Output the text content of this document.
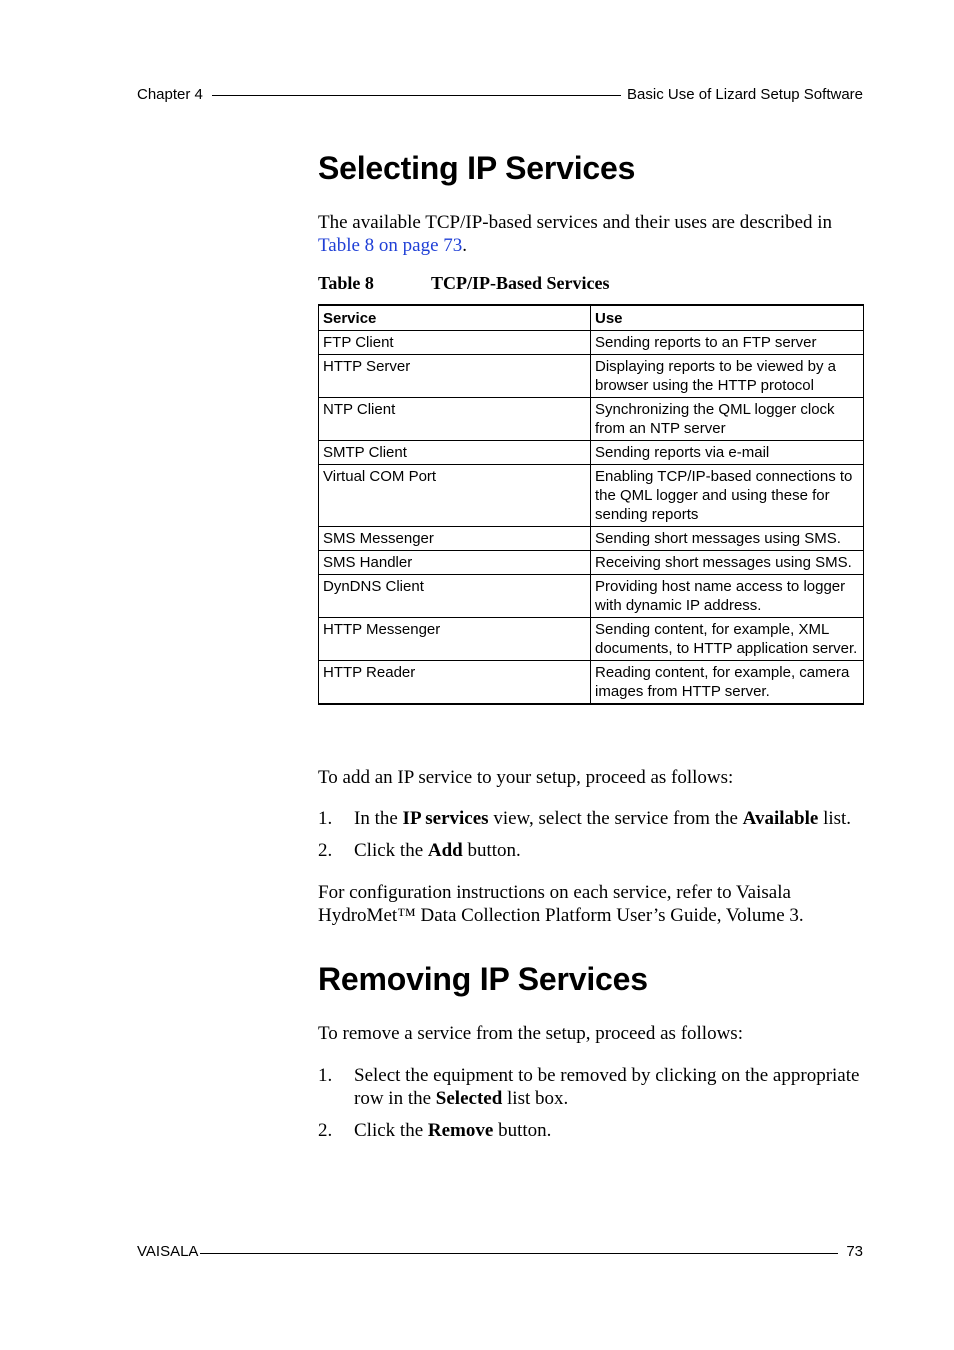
Chapter 4	Basic Use of Lizard Setup Software
Selecting IP Services

The available TCP/IP-based services and their uses are described in
Table 8 on page 73.

Table 8	TCP/IP-Based Services
Service	Use
FTP Client	Sending reports to an FTP server
HTTP Server	Displaying reports to be viewed by a browser using the HTTP protocol
NTP Client	Synchronizing the QML logger clock from an NTP server
SMTP Client	Sending reports via e-mail
Virtual COM Port	Enabling TCP/IP-based connections to the QML logger and using these for sending reports
SMS Messenger	Sending short messages using SMS.
SMS Handler	Receiving short messages using SMS.
DynDNS Client	Providing host name access to logger with dynamic IP address.
HTTP Messenger	Sending content, for example, XML documents, to HTTP application server.
HTTP Reader	Reading content, for example, camera images from HTTP server.

To add an IP service to your setup, proceed as follows:

1.	In the IP services view, select the service from the Available list.
2.	Click the Add button.

For configuration instructions on each service, refer to Vaisala HydroMet™ Data Collection Platform User’s Guide, Volume 3.

Removing IP Services

To remove a service from the setup, proceed as follows:

1.	Select the equipment to be removed by clicking on the appropriate row in the Selected list box.
2.	Click the Remove button.
VAISALA	73
